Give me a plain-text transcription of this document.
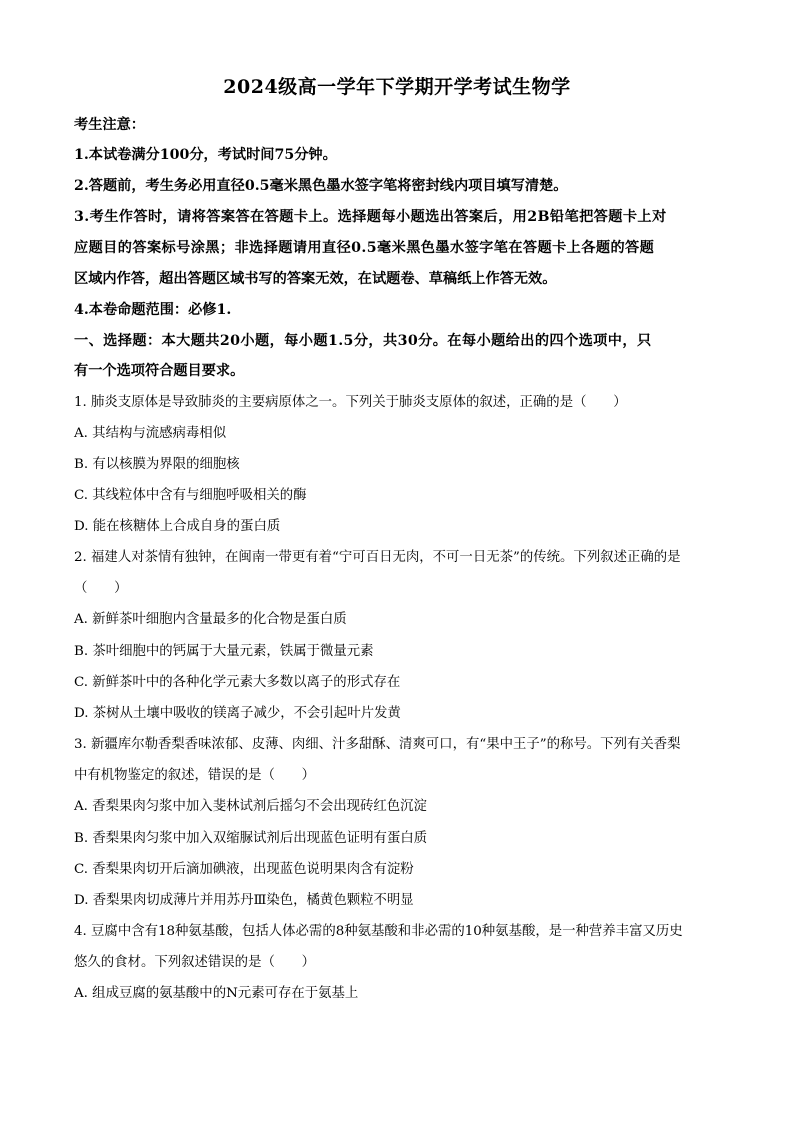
2024级高一学年下学期开学考试生物学
考生注意：
1.本试卷满分100分，考试时间75分钟。
2.答题前，考生务必用直径0.5毫米黑色墨水签字笔将密封线内项目填写清楚。
3.考生作答时，请将答案答在答题卡上。选择题每小题选出答案后，用2B铅笔把答题卡上对
应题目的答案标号涂黑；非选择题请用直径0.5毫米黑色墨水签字笔在答题卡上各题的答题
区域内作答，超出答题区域书写的答案无效，在试题卷、草稿纸上作答无效。
4.本卷命题范围：必修1.
一、选择题：本大题共20小题，每小题1.5分，共30分。在每小题给出的四个选项中，只
有一个选项符合题目要求。
1. 肺炎支原体是导致肺炎的主要病原体之一。下列关于肺炎支原体的叙述，正确的是（　　）
A. 其结构与流感病毒相似
B. 有以核膜为界限的细胞核
C. 其线粒体中含有与细胞呼吸相关的酶
D. 能在核糖体上合成自身的蛋白质
2. 福建人对茶情有独钟，在闽南一带更有着“宁可百日无肉，不可一日无茶”的传统。下列叙述正确的是
（　　）
A. 新鲜茶叶细胞内含量最多的化合物是蛋白质
B. 茶叶细胞中的钙属于大量元素，铁属于微量元素
C. 新鲜茶叶中的各种化学元素大多数以离子的形式存在
D. 茶树从土壤中吸收的镁离子减少，不会引起叶片发黄
3. 新疆库尔勒香梨香味浓郁、皮薄、肉细、汁多甜酥、清爽可口，有“果中王子”的称号。下列有关香梨
中有机物鉴定的叙述，错误的是（　　）
A. 香梨果肉匀浆中加入斐林试剂后摇匀不会出现砖红色沉淀
B. 香梨果肉匀浆中加入双缩脲试剂后出现蓝色证明有蛋白质
C. 香梨果肉切开后滴加碘液，出现蓝色说明果肉含有淀粉
D. 香梨果肉切成薄片并用苏丹Ⅲ染色，橘黄色颗粒不明显
4. 豆腐中含有18种氨基酸，包括人体必需的8种氨基酸和非必需的10种氨基酸，是一种营养丰富又历史
悠久的食材。下列叙述错误的是（　　）
A. 组成豆腐的氨基酸中的N元素可存在于氨基上
